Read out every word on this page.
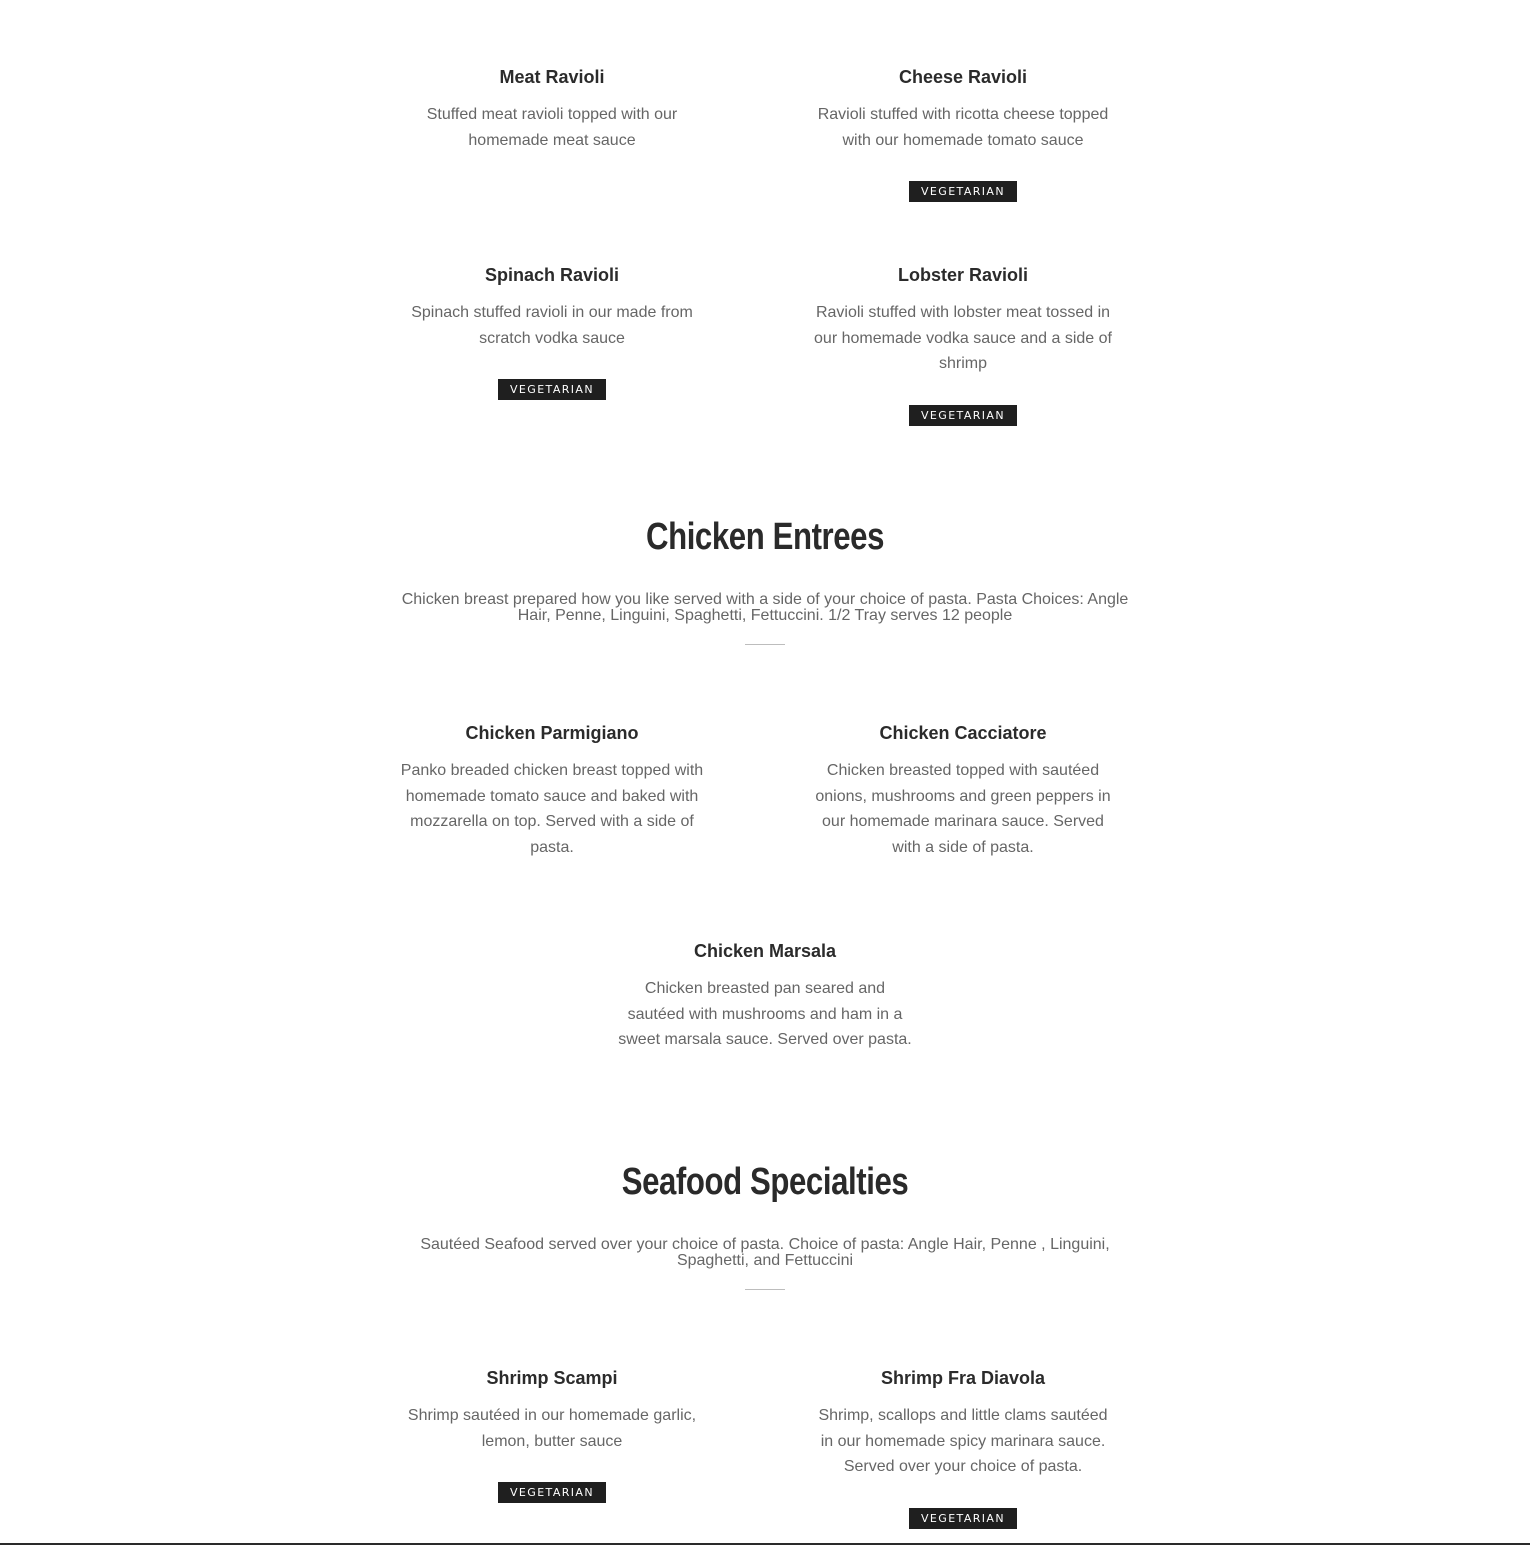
Meat Ravioli

Stuffed meat ravioli topped with our homemade meat sauce

Cheese Ravioli

Ravioli stuffed with ricotta cheese topped with our homemade tomato sauce

VEGETARIAN
Spinach Ravioli

Spinach stuffed ravioli in our made from scratch vodka sauce

VEGETARIAN
Lobster Ravioli

Ravioli stuffed with lobster meat tossed in our homemade vodka sauce and a side of shrimp

VEGETARIAN
Chicken Entrees

Chicken breast prepared how you like served with a side of your choice of pasta. Pasta Choices: Angle Hair, Penne, Linguini, Spaghetti, Fettuccini. 1/2 Tray serves 12 people

Chicken Parmigiano

Panko breaded chicken breast topped with homemade tomato sauce and baked with mozzarella on top. Served with a side of pasta.

Chicken Cacciatore

Chicken breasted topped with sautéed onions, mushrooms and green peppers in our homemade marinara sauce. Served with a side of pasta.

Chicken Marsala

Chicken breasted pan seared and sautéed with mushrooms and ham in a sweet marsala sauce. Served over pasta.

Seafood Specialties

Sautéed Seafood served over your choice of pasta. Choice of pasta: Angle Hair, Penne , Linguini, Spaghetti, and Fettuccini

Shrimp Scampi

Shrimp sautéed in our homemade garlic, lemon, butter sauce

VEGETARIAN
Shrimp Fra Diavola

Shrimp, scallops and little clams sautéed in our homemade spicy marinara sauce. Served over your choice of pasta.

VEGETARIAN
